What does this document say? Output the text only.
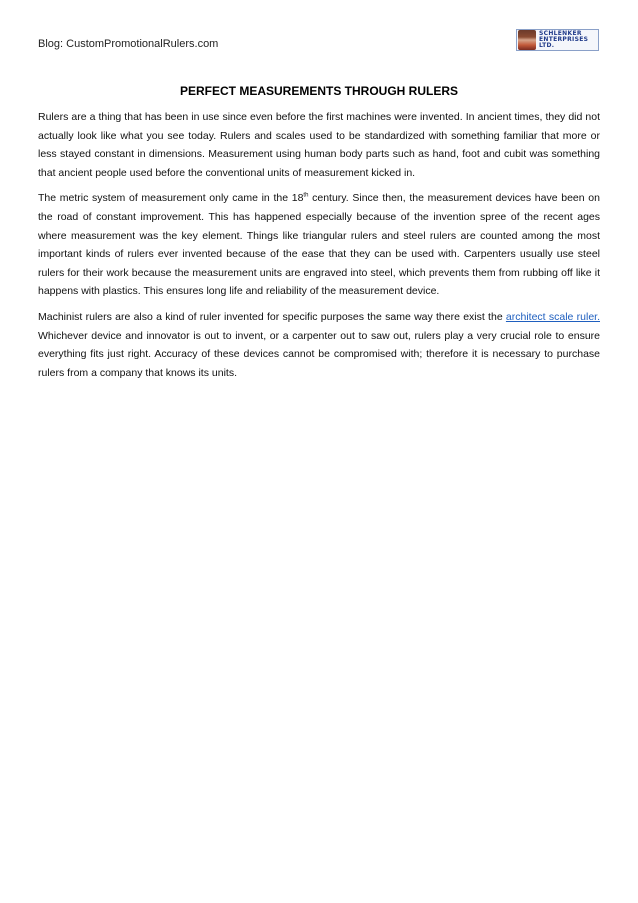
Blog: CustomPromotionalRulers.com
SCHLENKER
ENTERPRISES
LTD.
PERFECT MEASUREMENTS THROUGH RULERS

Rulers are a thing that has been in use since even before the first machines were invented. In ancient times, they did not actually look like what you see today. Rulers and scales used to be standardized with something familiar that more or less stayed constant in dimensions. Measurement using human body parts such as hand, foot and cubit was something that ancient people used before the conventional units of measurement kicked in.

The metric system of measurement only came in the 18th century. Since then, the measurement devices have been on the road of constant improvement. This has happened especially because of the invention spree of the recent ages where measurement was the key element. Things like triangular rulers and steel rulers are counted among the most important kinds of rulers ever invented because of the ease that they can be used with. Carpenters usually use steel rulers for their work because the measurement units are engraved into steel, which prevents them from rubbing off like it happens with plastics. This ensures long life and reliability of the measurement device.

Machinist rulers are also a kind of ruler invented for specific purposes the same way there exist the architect scale ruler. Whichever device and innovator is out to invent, or a carpenter out to saw out, rulers play a very crucial role to ensure everything fits just right. Accuracy of these devices cannot be compromised with; therefore it is necessary to purchase rulers from a company that knows its units.
